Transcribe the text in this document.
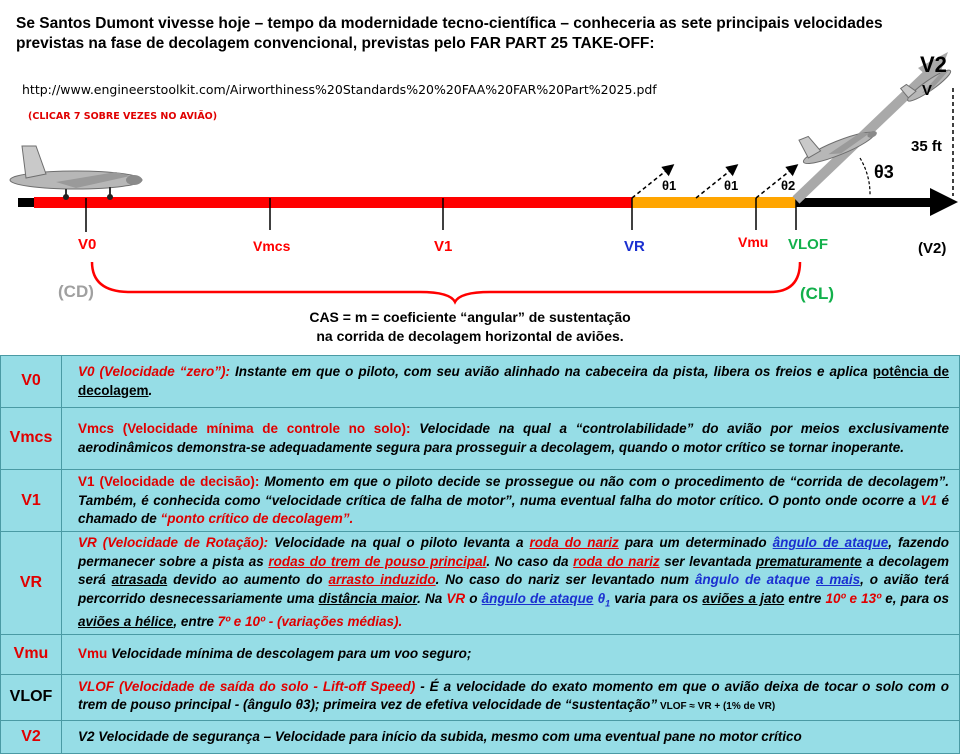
Se Santos Dumont vivesse hoje – tempo da modernidade tecno-científica – conheceria as sete principais velocidades previstas na fase de decolagem convencional, previstas pelo FAR PART 25 TAKE-OFF:
http://www.engineerstoolkit.com/Airworthiness%20Standards%20%20FAA%20FAR%20Part%2025.pdf
(CLICAR 7 SOBRE VEZES NO AVIÃO)
V0	Vmcs	V1	VR	Vmu VLOF	(V2)
(CD)	(CL)
θ1	θ1	θ2
θ3
35 ft
V2
V
CAS = m = coeficiente “angular” de sustentação
na corrida de decolagem horizontal de aviões.
V0	V0 (Velocidade “zero”): Instante em que o piloto, com seu avião alinhado na cabeceira da pista, libera os freios e aplica potência de decolagem.
Vmcs	Vmcs (Velocidade mínima de controle no solo): Velocidade na qual a “controlabilidade” do avião por meios exclusivamente aerodinâmicos demonstra-se adequadamente segura para prosseguir a decolagem, quando o motor crítico se tornar inoperante.
V1	V1 (Velocidade de decisão): Momento em que o piloto decide se prossegue ou não com o procedimento de “corrida de decolagem”. Também, é conhecida como “velocidade crítica de falha de motor”, numa eventual falha do motor crítico. O ponto onde ocorre a V1 é chamado de “ponto crítico de decolagem”.
VR	VR (Velocidade de Rotação): Velocidade na qual o piloto levanta a roda do nariz para um determinado ângulo de ataque, fazendo permanecer sobre a pista as rodas do trem de pouso principal. No caso da roda do nariz ser levantada prematuramente a decolagem será atrasada devido ao aumento do arrasto induzido. No caso do nariz ser levantado num ângulo de ataque a mais, o avião terá percorrido desnecessariamente uma distância maior. Na VR o ângulo de ataque $\theta_1$ varia para os aviões a jato entre 10º e 13º e, para os aviões a hélice, entre 7º e 10º - (variações médias).
Vmu	Vmu Velocidade mínima de descolagem para um voo seguro;
VLOF	VLOF (Velocidade de saída do solo - Lift-off Speed) - É a velocidade do exato momento em que o avião deixa de tocar o solo com o trem de pouso principal - (ângulo θ3); primeira vez de efetiva velocidade de “sustentação” VLOF ≈ VR + (1% de VR)
V2	V2 Velocidade de segurança – Velocidade para início da subida, mesmo com uma eventual pane no motor crítico
